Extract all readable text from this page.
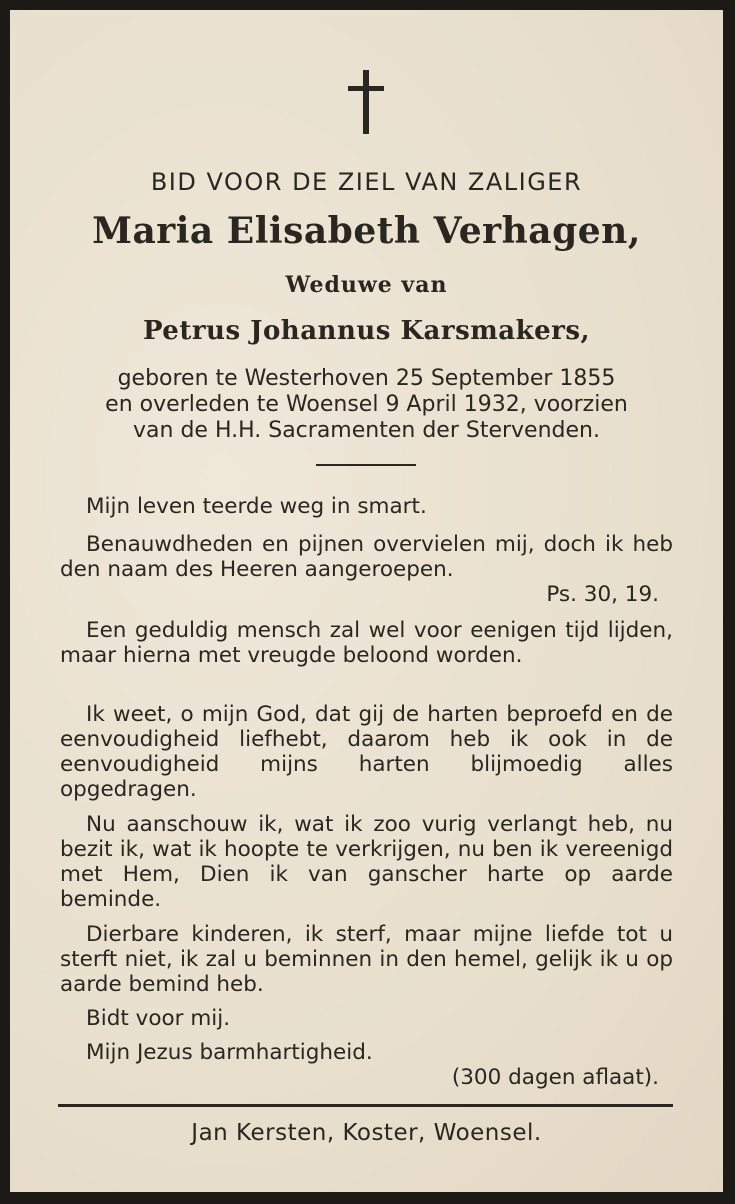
BID VOOR DE ZIEL VAN ZALIGER
Maria Elisabeth Verhagen,
Weduwe van
Petrus Johannus Karsmakers,
geboren te Westerhoven 25 September 1855
en overleden te Woensel 9 April 1932, voorzien
van de H.H. Sacramenten der Stervenden.
Mijn leven teerde weg in smart.
Benauwdheden en pijnen overvielen mij, doch ik heb den naam des Heeren aangeroepen.
Ps. 30, 19.
Een geduldig mensch zal wel voor eenigen tijd lijden, maar hierna met vreugde beloond worden.
Ik weet, o mijn God, dat gij de harten beproefd en de eenvoudigheid liefhebt, daarom heb ik ook in de eenvoudigheid mijns harten blijmoedig alles opgedragen.
Nu aanschouw ik, wat ik zoo vurig verlangt heb, nu bezit ik, wat ik hoopte te verkrijgen, nu ben ik vereenigd met Hem, Dien ik van ganscher harte op aarde beminde.
Dierbare kinderen, ik sterf, maar mijne liefde tot u sterft niet, ik zal u beminnen in den hemel, gelijk ik u op aarde bemind heb.
Bidt voor mij.
Mijn Jezus barmhartigheid.
(300 dagen aflaat).
Jan Kersten, Koster, Woensel.
